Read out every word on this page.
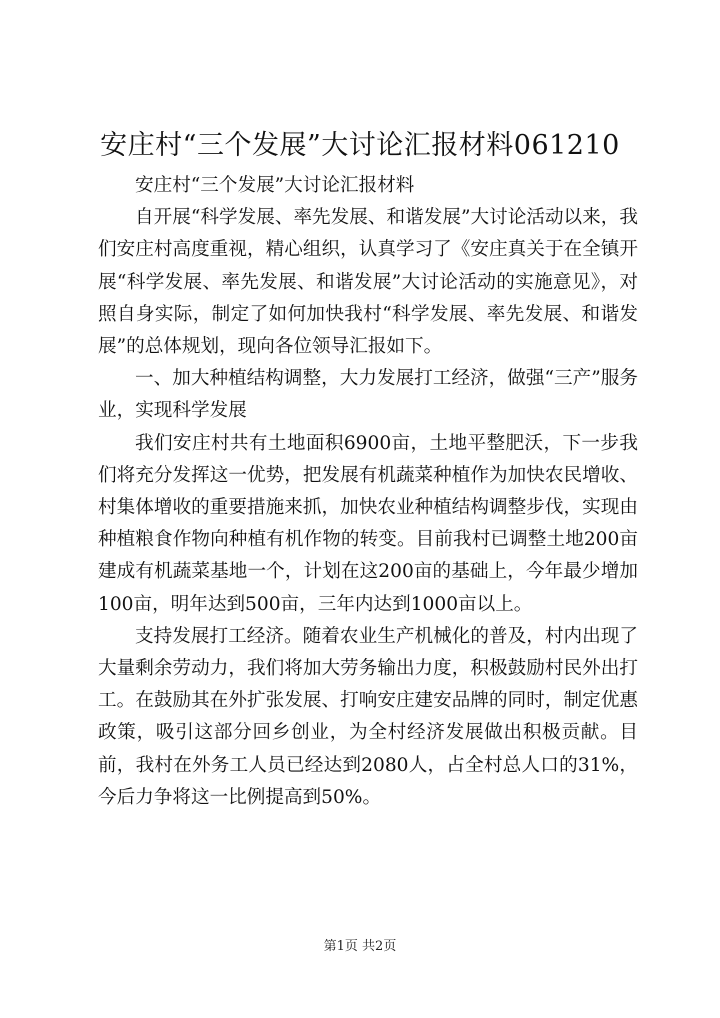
安庄村“三个发展”大讨论汇报材料061210

安庄村“三个发展”大讨论汇报材料

自开展“科学发展、率先发展、和谐发展”大讨论活动以来，我们安庄村高度重视，精心组织，认真学习了《安庄真关于在全镇开展“科学发展、率先发展、和谐发展”大讨论活动的实施意见》，对照自身实际，制定了如何加快我村“科学发展、率先发展、和谐发展”的总体规划，现向各位领导汇报如下。

一、加大种植结构调整，大力发展打工经济，做强“三产”服务业，实现科学发展

我们安庄村共有土地面积6900亩，土地平整肥沃，下一步我们将充分发挥这一优势，把发展有机蔬菜种植作为加快农民增收、村集体增收的重要措施来抓，加快农业种植结构调整步伐，实现由种植粮食作物向种植有机作物的转变。目前我村已调整土地200亩建成有机蔬菜基地一个，计划在这200亩的基础上，今年最少增加100亩，明年达到500亩，三年内达到1000亩以上。

支持发展打工经济。随着农业生产机械化的普及，村内出现了大量剩余劳动力，我们将加大劳务输出力度，积极鼓励村民外出打工。在鼓励其在外扩张发展、打响安庄建安品牌的同时，制定优惠政策，吸引这部分回乡创业，为全村经济发展做出积极贡献。目前，我村在外务工人员已经达到2080人，占全村总人口的31%，今后力争将这一比例提高到50%。

第1页 共2页
